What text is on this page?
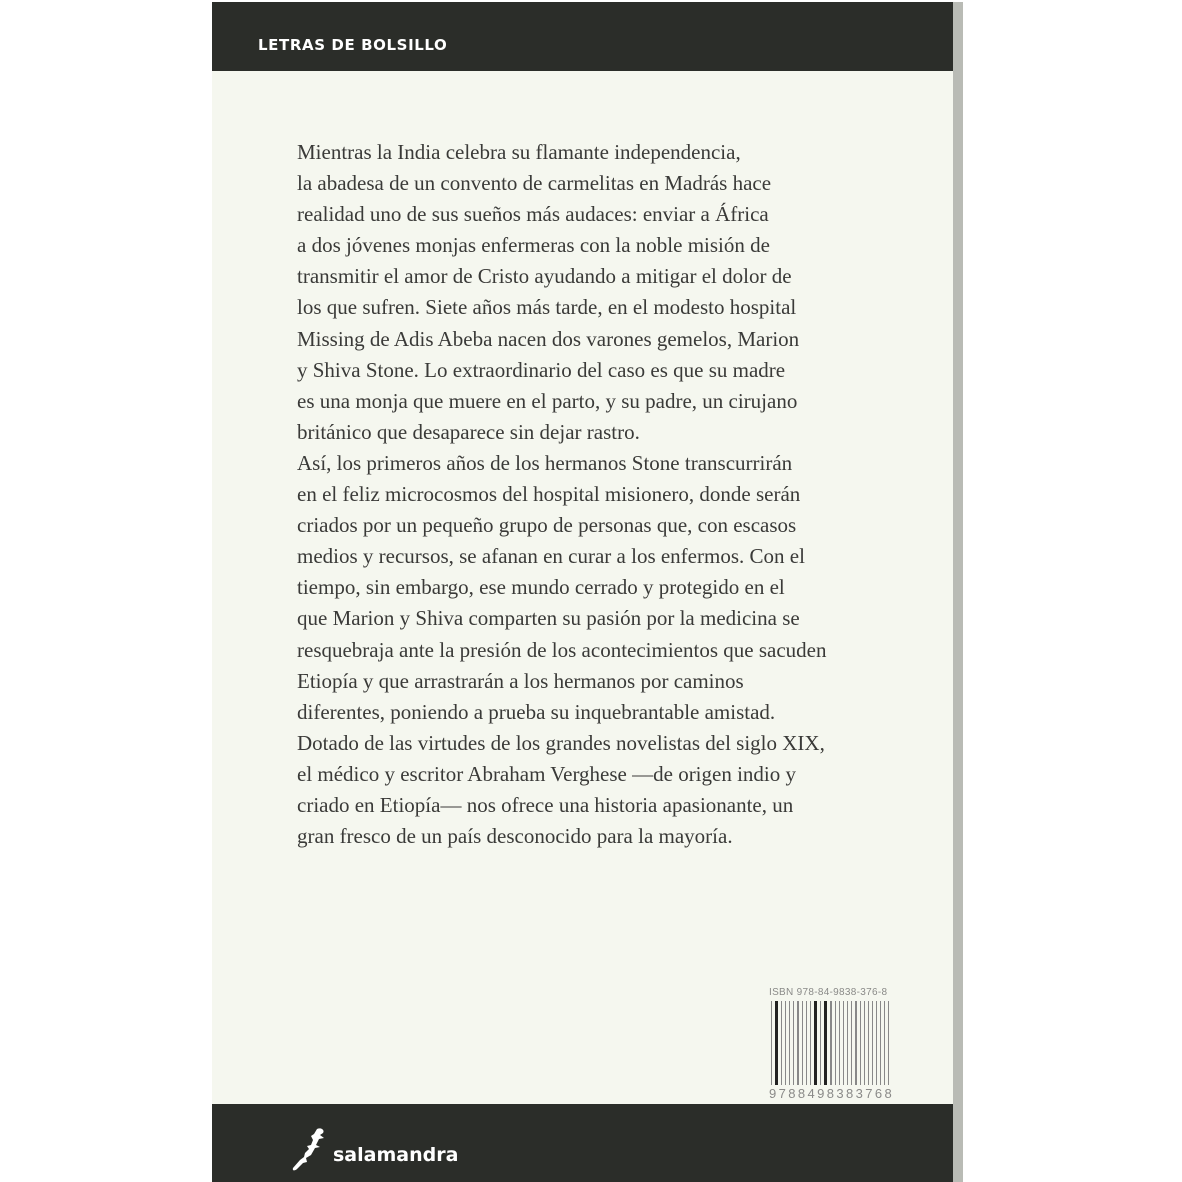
LETRAS DE BOLSILLO
Mientras la India celebra su flamante independencia,
la abadesa de un convento de carmelitas en Madrás hace
realidad uno de sus sueños más audaces: enviar a África
a dos jóvenes monjas enfermeras con la noble misión de
transmitir el amor de Cristo ayudando a mitigar el dolor de
los que sufren. Siete años más tarde, en el modesto hospital
Missing de Adis Abeba nacen dos varones gemelos, Marion
y Shiva Stone. Lo extraordinario del caso es que su madre
es una monja que muere en el parto, y su padre, un cirujano
británico que desaparece sin dejar rastro.
Así, los primeros años de los hermanos Stone transcurrirán
en el feliz microcosmos del hospital misionero, donde serán
criados por un pequeño grupo de personas que, con escasos
medios y recursos, se afanan en curar a los enfermos. Con el
tiempo, sin embargo, ese mundo cerrado y protegido en el
que Marion y Shiva comparten su pasión por la medicina se
resquebraja ante la presión de los acontecimientos que sacuden
Etiopía y que arrastrarán a los hermanos por caminos
diferentes, poniendo a prueba su inquebrantable amistad.
Dotado de las virtudes de los grandes novelistas del siglo XIX,
el médico y escritor Abraham Verghese —de origen indio y
criado en Etiopía— nos ofrece una historia apasionante, un
gran fresco de un país desconocido para la mayoría.
ISBN 978-84-9838-376-8
9788498383768
salamandra
